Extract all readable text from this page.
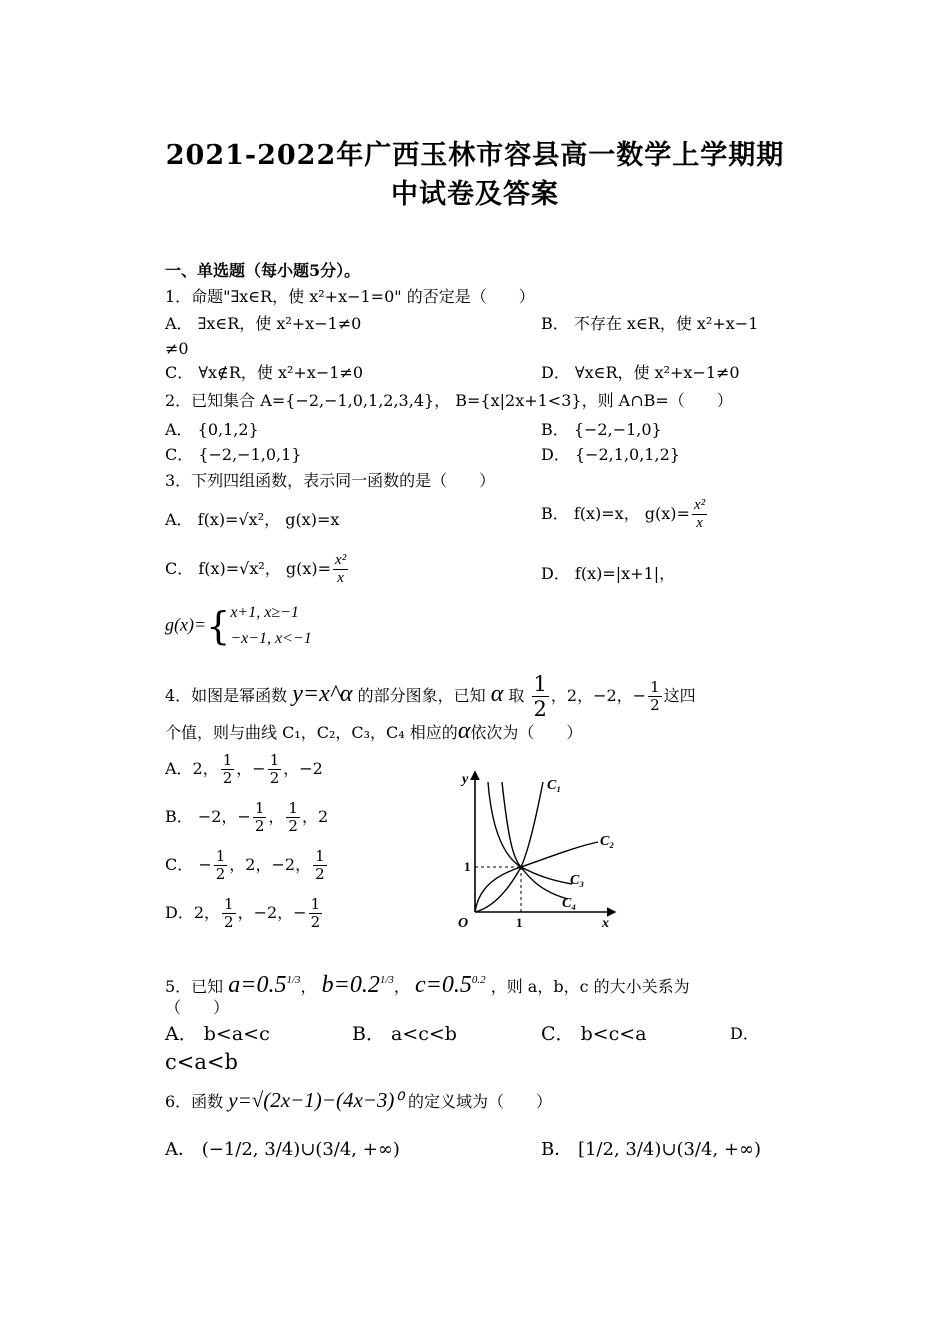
2021-2022年广西玉林市容县高一数学上学期期
中试卷及答案
一、单选题（每小题5分）。
1．命题"∃x∈R，使 x²+x−1=0" 的否定是（　　）
A． ∃x∈R，使 x²+x−1≠0	B． 不存在 x∈R，使 x²+x−1
≠0
C． ∀x∉R，使 x²+x−1≠0	D． ∀x∈R，使 x²+x−1≠0
2．已知集合 A={−2,−1,0,1,2,3,4}， B={x|2x+1<3}，则 A∩B=（　　）
A． {0,1,2}	B． {−2,−1,0}
C． {−2,−1,0,1}	D． {−2,1,0,1,2}
3．下列四组函数，表示同一函数的是（　　）
A． f(x)=√x²， g(x)=x	B． f(x)=x， $g(x)= \frac{\text{x²}}{x}$
C． f(x)=√x²， $g(x)= \frac{\text{x²}}{x}$	D． f(x)=|x+1|，
g(x)={ x+1, x≥−1
−x−1, x<−1
4．如图是幂函数 y=x^α 的部分图象，已知 α 取 $\frac{1}{2}$ ，2，−2，− $\frac{1}{2}$ 这四
个值，则与曲线 C₁，C₂，C₃，C₄ 相应的α依次为（　　）
A．2， $\frac{1}{2}$ ，− $\frac{1}{2}$ ，−2
B． −2，− $\frac{1}{2}$ ， $\frac{1}{2}$ ，2
C． − $\frac{1}{2}$ ，2，−2， $\frac{1}{2}$
D．2， $\frac{1}{2}$ ，−2，− $\frac{1}{2}$
y
x
O	1
1
C₁
C₂
C₃
C₄
5．已知 $a=0.5^{1/3}$， $b=0.2^{1/3}$， $c=0.5^{0.2}$ ，则 a，b，c 的大小关系为
（　　）
A． b<a<c	B． a<c<b	C． b<c<a	D．
c<a<b
6．函数 y=√(2x−1)−(4x−3)⁰ 的定义域为（　　）
A． (−1/2, 3/4)∪(3/4, +∞)	B． [1/2, 3/4)∪(3/4, +∞)
